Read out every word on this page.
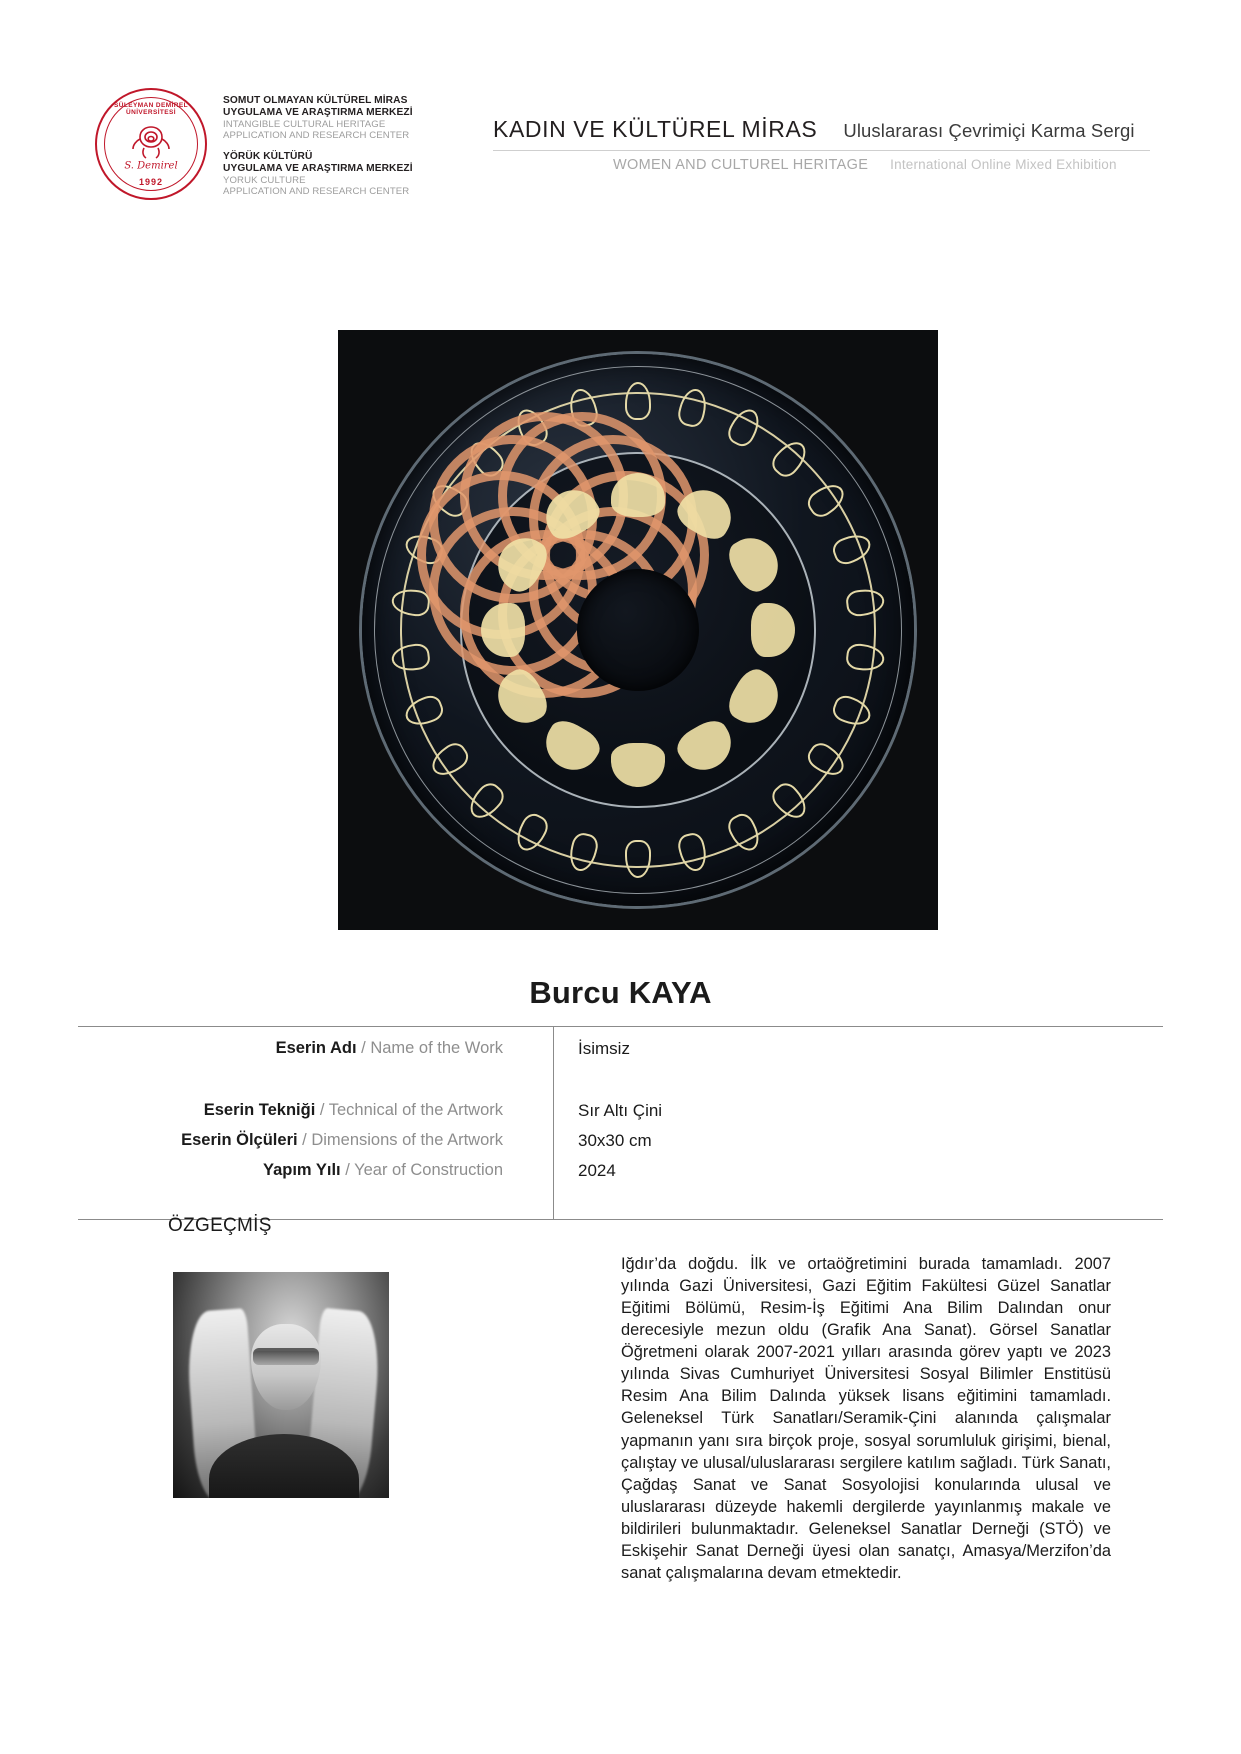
SÜLEYMAN DEMİREL ÜNİVERSİTESİ
S. Demirel
1992
SOMUT OLMAYAN KÜLTÜREL MİRAS
UYGULAMA VE ARAŞTIRMA MERKEZİ
INTANGIBLE CULTURAL HERITAGE
APPLICATION AND RESEARCH CENTER
YÖRÜK KÜLTÜRÜ
UYGULAMA VE ARAŞTIRMA MERKEZİ
YORUK CULTURE
APPLICATION AND RESEARCH CENTER
KADIN VE KÜLTÜREL MİRAS Uluslararası Çevrimiçi Karma Sergi
WOMEN AND CULTUREL HERITAGE International Online Mixed Exhibition
Burcu KAYA
Eserin Adı / Name of the Work	İsimsiz
Eserin Tekniği / Technical of the Artwork	Sır Altı Çini
Eserin Ölçüleri / Dimensions of the Artwork	30x30 cm
Yapım Yılı / Year of Construction	2024
ÖZGEÇMİŞ
Iğdır’da doğdu. İlk ve ortaöğretimini burada tamamladı. 2007 yılında Gazi Üniversitesi, Gazi Eğitim Fakültesi Güzel Sanatlar Eğitimi Bölümü, Resim-İş Eğitimi Ana Bilim Dalından onur derecesiyle mezun oldu (Grafik Ana Sanat). Görsel Sanatlar Öğretmeni olarak 2007-2021 yılları arasında görev yaptı ve 2023 yılında Sivas Cumhuriyet Üniversitesi Sosyal Bilimler Enstitüsü Resim Ana Bilim Dalında yüksek lisans eğitimini tamamladı. Geleneksel Türk Sanatları/Seramik-Çini alanında çalışmalar yapmanın yanı sıra birçok proje, sosyal sorumluluk girişimi, bienal, çalıştay ve ulusal/uluslararası sergilere katılım sağladı. Türk Sanatı, Çağdaş Sanat ve Sanat Sosyolojisi konularında ulusal ve uluslararası düzeyde hakemli dergilerde yayınlanmış makale ve bildirileri bulunmaktadır. Geleneksel Sanatlar Derneği (STÖ) ve Eskişehir Sanat Derneği üyesi olan sanatçı, Amasya/Merzifon’da sanat çalışmalarına devam etmektedir.
